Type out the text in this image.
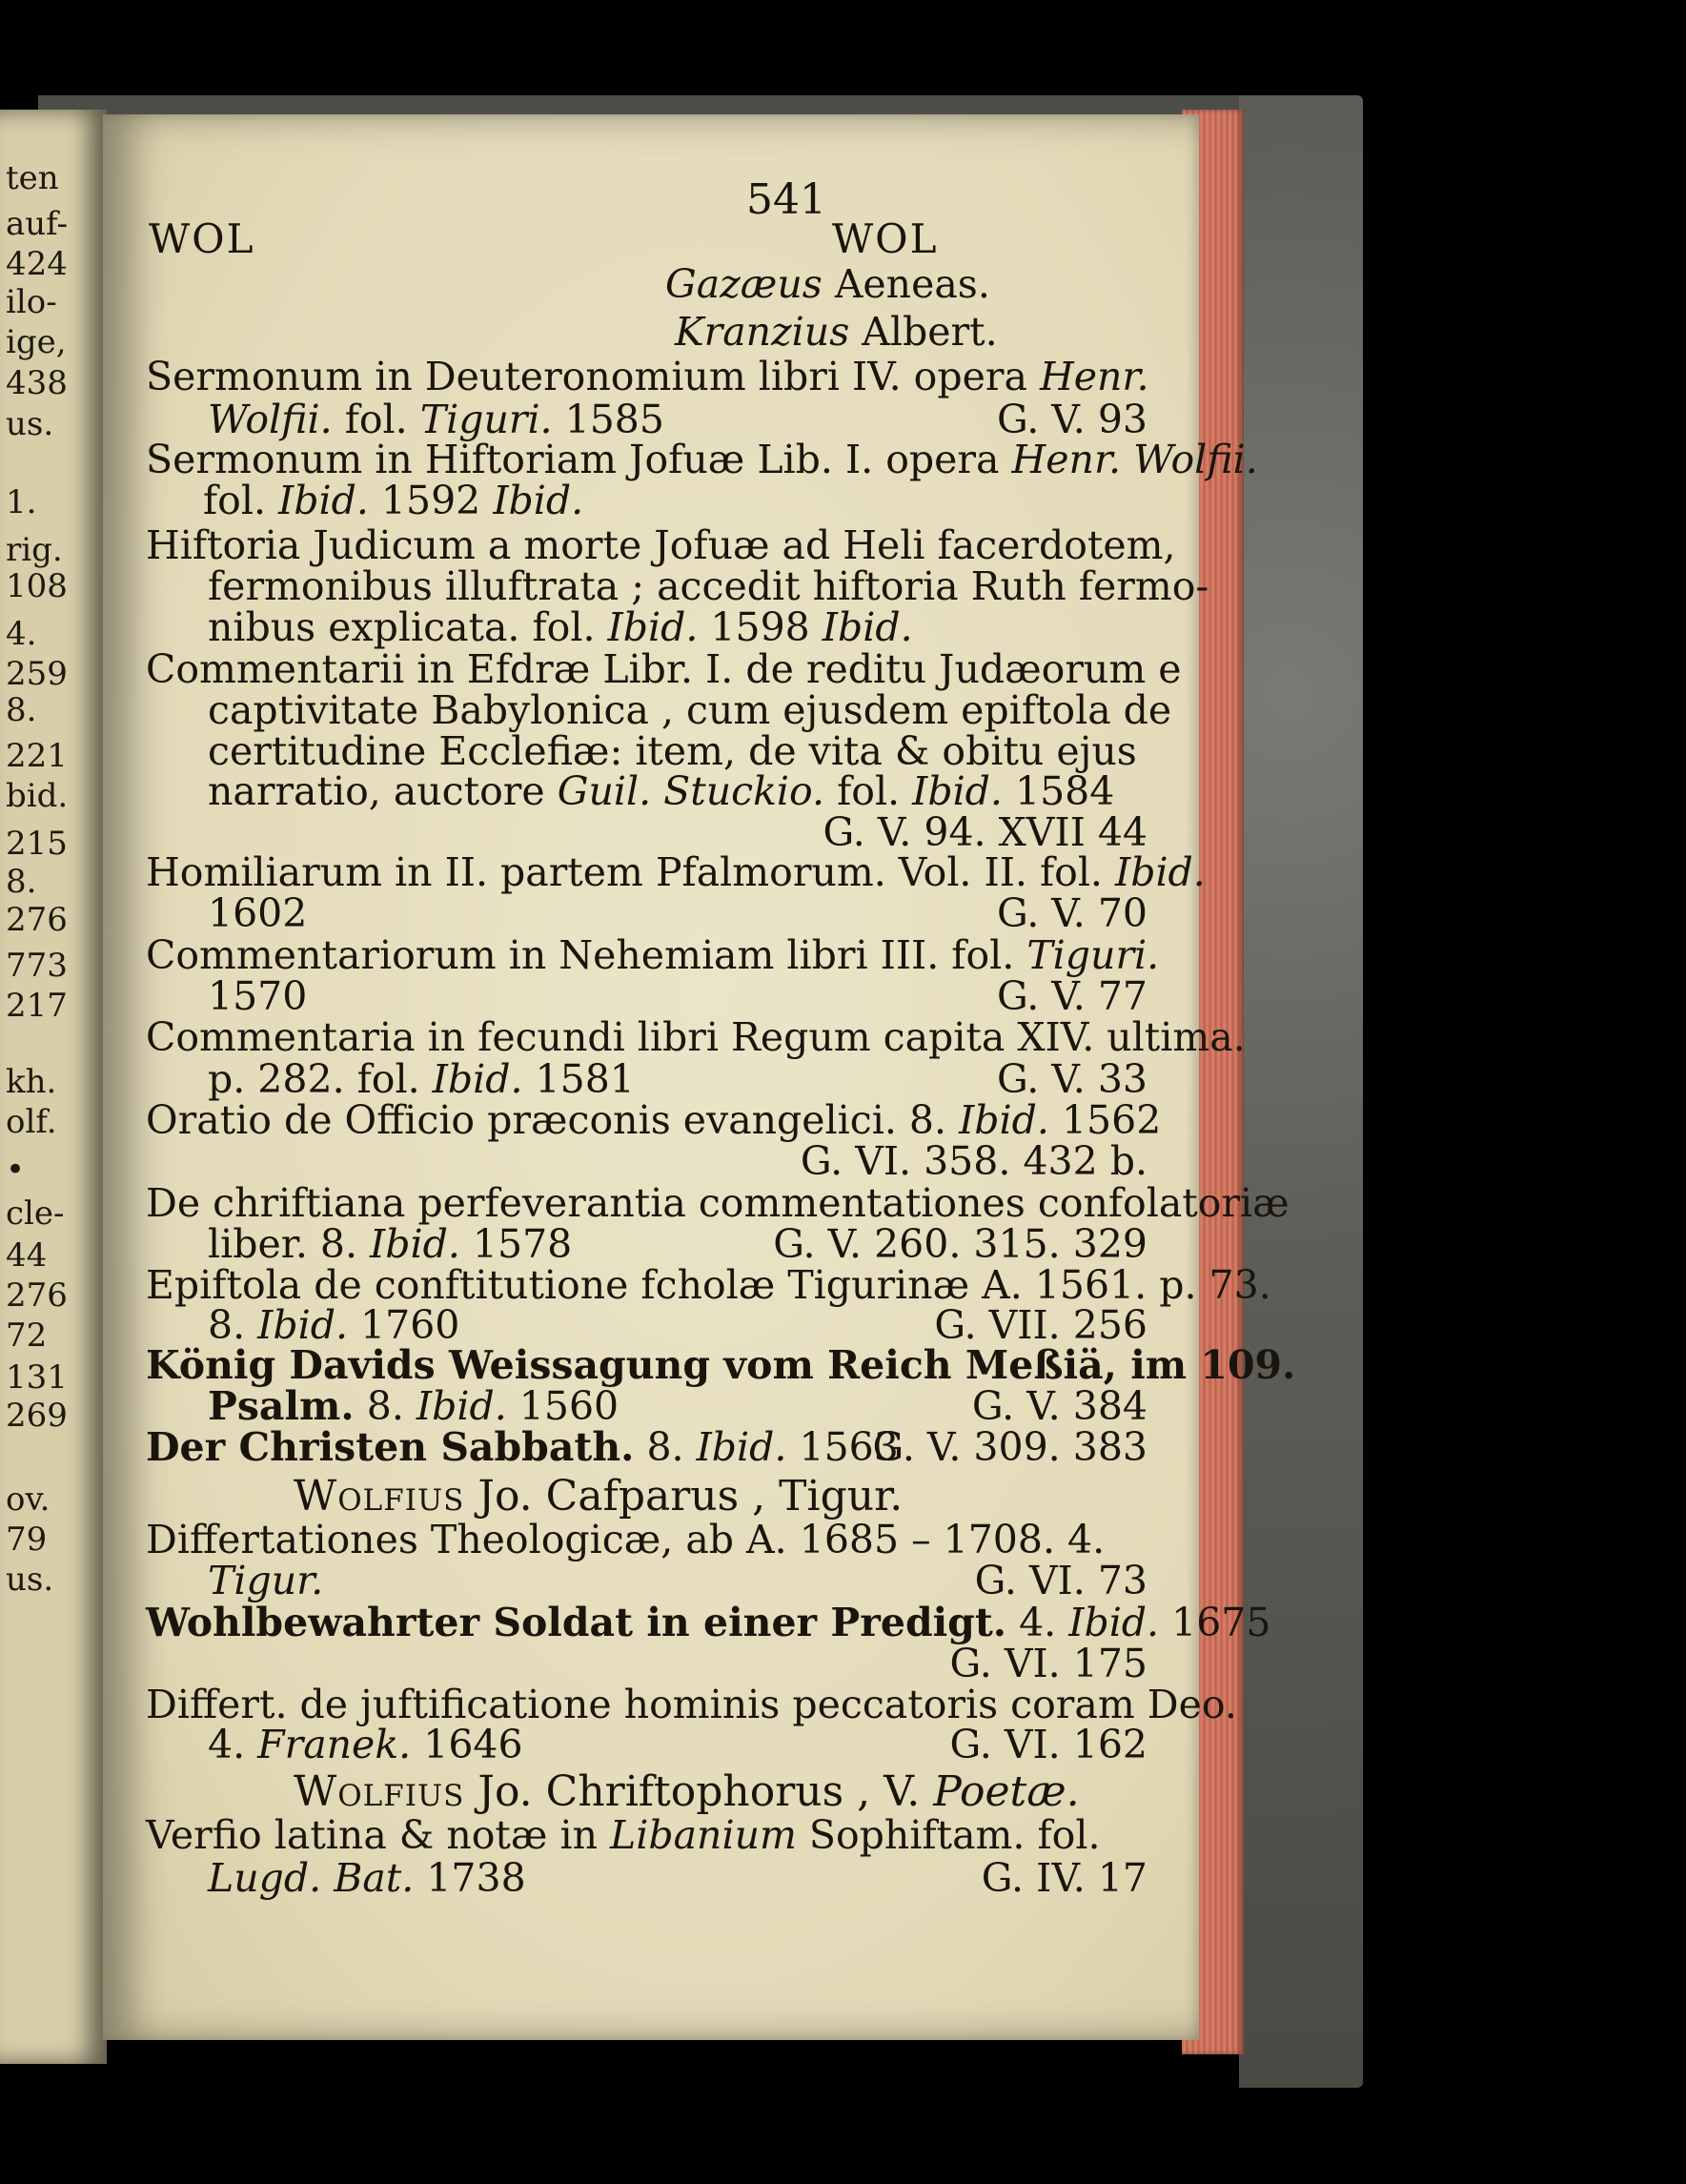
ten
auf-
424
ilo-
ige,
438
us.
1.
rig.
108
4.
259
8.
221
bid.
215
8.
276
773
217
kh.
olf.
•
cle-
44
276
72
131
269
ov.
79
us.
541
WOL	WOL
Gazæus Aeneas.
Kranzius Albert.
Sermonum in Deuteronomium libri IV. opera Henr.
Wolfii. fol. Tiguri. 1585	G. V. 93
Sermonum in Hiftoriam Jofuæ Lib. I. opera Henr. Wolfii.
fol. Ibid. 1592 Ibid.
Hiftoria Judicum a morte Jofuæ ad Heli facerdotem,
fermonibus illuftrata ; accedit hiftoria Ruth fermo-
nibus explicata. fol. Ibid. 1598 Ibid.
Commentarii in Efdræ Libr. I. de reditu Judæorum e
captivitate Babylonica , cum ejusdem epiftola de
certitudine Ecclefiæ: item, de vita & obitu ejus
narratio, auctore Guil. Stuckio. fol. Ibid. 1584
G. V. 94. XVII 44
Homiliarum in II. partem Pfalmorum. Vol. II. fol. Ibid.
1602	G. V. 70
Commentariorum in Nehemiam libri III. fol. Tiguri.
1570	G. V. 77
Commentaria in fecundi libri Regum capita XIV. ultima.
p. 282. fol. Ibid. 1581	G. V. 33
Oratio de Officio præconis evangelici. 8. Ibid. 1562
G. VI. 358. 432 b.
De chriftiana perfeverantia commentationes confolatoriæ
liber. 8. Ibid. 1578	G. V. 260. 315. 329
Epiftola de conftitutione fcholæ Tigurinæ A. 1561. p. 73.
8. Ibid. 1760	G. VII. 256
König Davids Weissagung vom Reich Meßiä, im 109.
Psalm. 8. Ibid. 1560	G. V. 384
Der Christen Sabbath. 8. Ibid. 1563
G. V. 309. 383
Wolfius Jo. Cafparus , Tigur.
Differtationes Theologicæ, ab A. 1685 – 1708. 4.
Tigur.	G. VI. 73
Wohlbewahrter Soldat in einer Predigt. 4. Ibid. 1675
G. VI. 175
Differt. de juftificatione hominis peccatoris coram Deo.
4. Franek. 1646	G. VI. 162
Wolfius Jo. Chriftophorus , V. Poetæ.
Verfio latina & notæ in Libanium Sophiftam. fol.
Lugd. Bat. 1738	G. IV. 17
